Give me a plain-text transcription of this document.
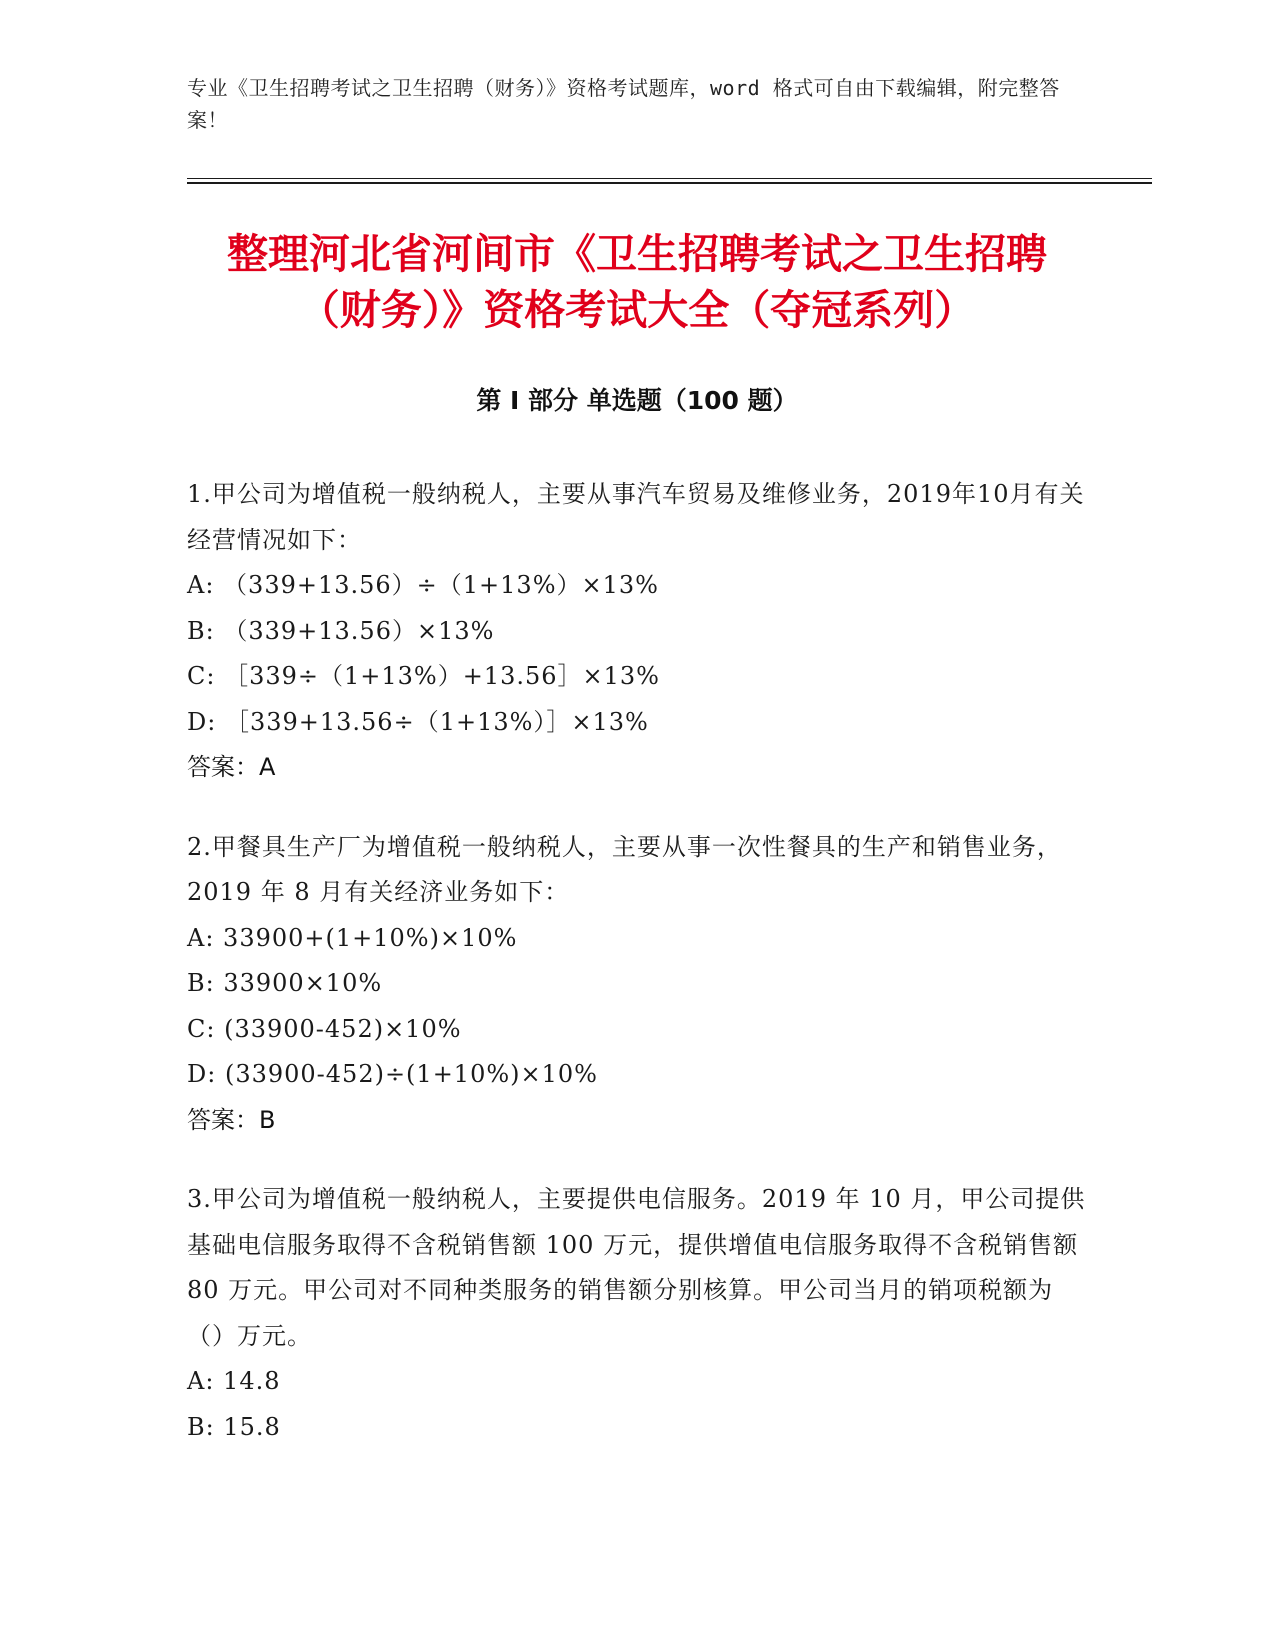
专业《卫生招聘考试之卫生招聘（财务）》资格考试题库，word 格式可自由下载编辑，附完整答案！
整理河北省河间市《卫生招聘考试之卫生招聘（财务）》资格考试大全（夺冠系列）
第 I 部分 单选题（100 题）

1.甲公司为增值税一般纳税人，主要从事汽车贸易及维修业务，2019年10月有关经营情况如下：

A: （339+13.56）÷（1+13%）×13%

B: （339+13.56）×13%

C: ［339÷（1+13%）+13.56］×13%

D: ［339+13.56÷（1+13%）］×13%

答案：A

2.甲餐具生产厂为增值税一般纳税人，主要从事一次性餐具的生产和销售业务，2019 年 8 月有关经济业务如下：

A: 33900+(1+10%)×10%

B: 33900×10%

C: (33900-452)×10%

D: (33900-452)÷(1+10%)×10%

答案：B

3.甲公司为增值税一般纳税人，主要提供电信服务。2019 年 10 月，甲公司提供基础电信服务取得不含税销售额 100 万元，提供增值电信服务取得不含税销售额 80 万元。甲公司对不同种类服务的销售额分别核算。甲公司当月的销项税额为（）万元。

A: 14.8

B: 15.8
